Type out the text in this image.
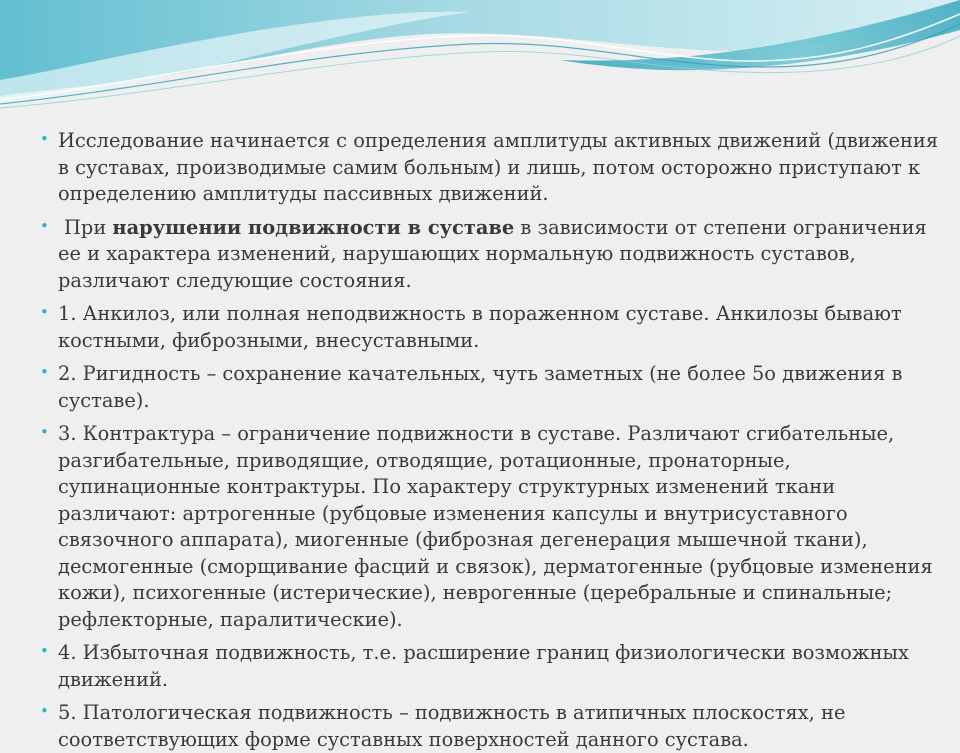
• Исследование начинается с определения амплитуды активных движений (движения в суставах, производимые самим больным) и лишь, потом осторожно приступают к определению амплитуды пассивных движений.
• При нарушении подвижности в суставе в зависимости от степени ограничения ее и характера изменений, нарушающих нормальную подвижность суставов, различают следующие состояния.
• 1. Анкилоз, или полная неподвижность в пораженном суставе. Анкилозы бывают костными, фиброзными, внесуставными.
• 2. Ригидность – сохранение качательных, чуть заметных (не более 5о движения в суставе).
• 3. Контрактура – ограничение подвижности в суставе. Различают сгибательные, разгибательные, приводящие, отводящие, ротационные, пронаторные, супинационные контрактуры. По характеру структурных изменений ткани различают: артрогенные (рубцовые изменения капсулы и внутрисуставного связочного аппарата), миогенные (фиброзная дегенерация мышечной ткани), десмогенные (сморщивание фасций и связок), дерматогенные (рубцовые изменения кожи), психогенные (истерические), неврогенные (церебральные и спинальные; рефлекторные, паралитические).
• 4. Избыточная подвижность, т.е. расширение границ физиологически возможных движений.
• 5. Патологическая подвижность – подвижность в атипичных плоскостях, не соответствующих форме суставных поверхностей данного сустава.
